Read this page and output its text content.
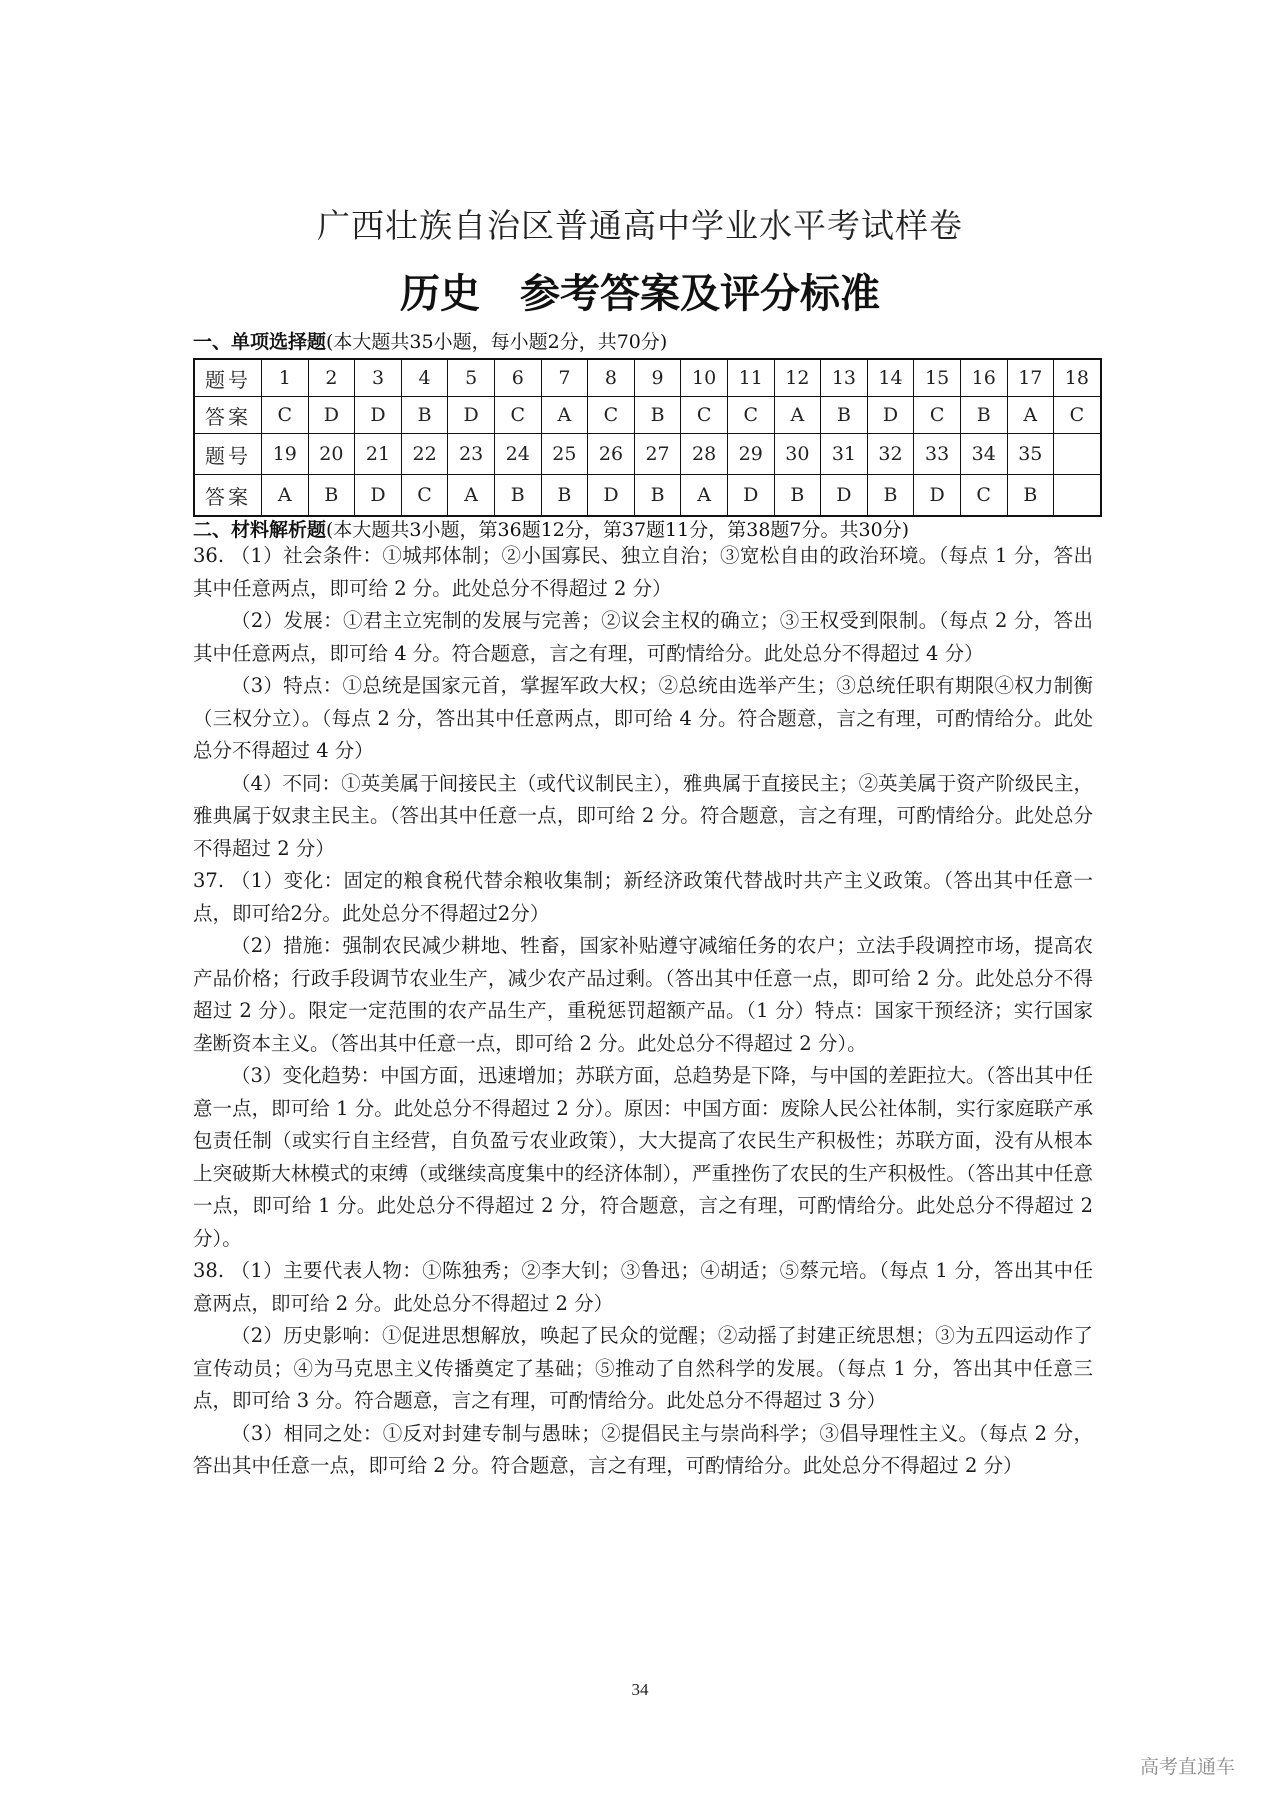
广西壮族自治区普通高中学业水平考试样卷
历史 参考答案及评分标准
一、单项选择题(本大题共35小题，每小题2分，共70分)
题号	1	2	3	4	5	6	7	8	9	10	11	12	13	14	15	16	17	18
答案	C	D	D	B	D	C	A	C	B	C	C	A	B	D	C	B	A	C
题号	19	20	21	22	23	24	25	26	27	28	29	30	31	32	33	34	35	
答案	A	B	D	C	A	B	B	D	B	A	D	B	D	B	D	C	B	
二、材料解析题(本大题共3小题，第36题12分，第37题11分，第38题7分。共30分)

36. （1）社会条件：①城邦体制；②小国寡民、独立自治；③宽松自由的政治环境。（每点 1 分，答出其中任意两点，即可给 2 分。此处总分不得超过 2 分）

（2）发展：①君主立宪制的发展与完善；②议会主权的确立；③王权受到限制。（每点 2 分，答出其中任意两点，即可给 4 分。符合题意，言之有理，可酌情给分。此处总分不得超过 4 分）

（3）特点：①总统是国家元首，掌握军政大权；②总统由选举产生；③总统任职有期限④权力制衡（三权分立）。（每点 2 分，答出其中任意两点，即可给 4 分。符合题意，言之有理，可酌情给分。此处总分不得超过 4 分）

（4）不同：①英美属于间接民主（或代议制民主），雅典属于直接民主；②英美属于资产阶级民主，雅典属于奴隶主民主。（答出其中任意一点，即可给 2 分。符合题意，言之有理，可酌情给分。此处总分不得超过 2 分）

37. （1）变化：固定的粮食税代替余粮收集制；新经济政策代替战时共产主义政策。（答出其中任意一点，即可给2分。此处总分不得超过2分）

（2）措施：强制农民减少耕地、牲畜，国家补贴遵守减缩任务的农户；立法手段调控市场，提高农产品价格；行政手段调节农业生产，减少农产品过剩。（答出其中任意一点，即可给 2 分。此处总分不得超过 2 分）。限定一定范围的农产品生产，重税惩罚超额产品。（1 分）特点：国家干预经济；实行国家垄断资本主义。（答出其中任意一点，即可给 2 分。此处总分不得超过 2 分）。

（3）变化趋势：中国方面，迅速增加；苏联方面，总趋势是下降，与中国的差距拉大。（答出其中任意一点，即可给 1 分。此处总分不得超过 2 分）。原因：中国方面：废除人民公社体制，实行家庭联产承包责任制（或实行自主经营，自负盈亏农业政策），大大提高了农民生产积极性；苏联方面，没有从根本上突破斯大林模式的束缚（或继续高度集中的经济体制），严重挫伤了农民的生产积极性。（答出其中任意一点，即可给 1 分。此处总分不得超过 2 分，符合题意，言之有理，可酌情给分。此处总分不得超过 2 分）。

38. （1）主要代表人物：①陈独秀；②李大钊；③鲁迅；④胡适；⑤蔡元培。（每点 1 分，答出其中任意两点，即可给 2 分。此处总分不得超过 2 分）

（2）历史影响：①促进思想解放，唤起了民众的觉醒；②动摇了封建正统思想；③为五四运动作了宣传动员；④为马克思主义传播奠定了基础；⑤推动了自然科学的发展。（每点 1 分，答出其中任意三点，即可给 3 分。符合题意，言之有理，可酌情给分。此处总分不得超过 3 分）

（3）相同之处：①反对封建专制与愚昧；②提倡民主与崇尚科学；③倡导理性主义。（每点 2 分，答出其中任意一点，即可给 2 分。符合题意，言之有理，可酌情给分。此处总分不得超过 2 分）

34
高考直通车
